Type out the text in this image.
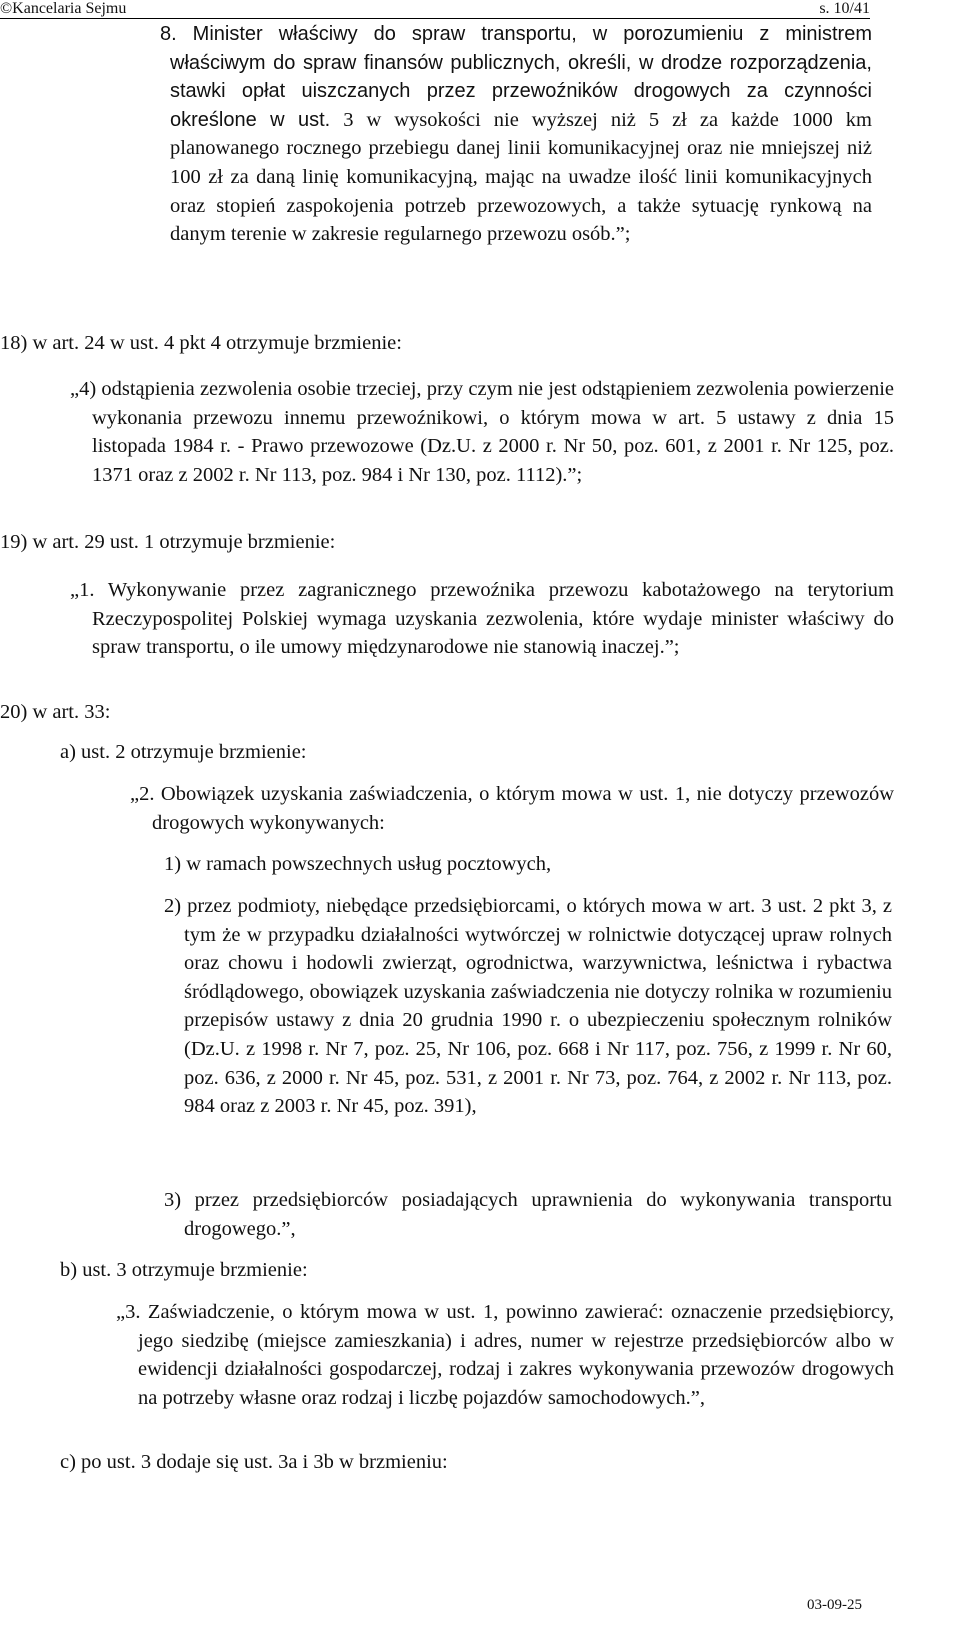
©Kancelaria Sejmu	s. 10/41
8. Minister właściwy do spraw transportu, w porozumieniu z ministrem właściwym do spraw finansów publicznych, określi, w drodze rozporządzenia, stawki opłat uiszczanych przez przewoźników drogowych za czynności określone w ust. 3 w wysokości nie wyższej niż 5 zł za każde 1000 km planowanego rocznego przebiegu danej linii komunikacyjnej oraz nie mniejszej niż 100 zł za daną linię komunikacyjną, mając na uwadze ilość linii komunikacyjnych oraz stopień zaspokojenia potrzeb przewozowych, a także sytuację rynkową na danym terenie w zakresie regularnego przewozu osób.”;
18) w art. 24 w ust. 4 pkt 4 otrzymuje brzmienie:
„4) odstąpienia zezwolenia osobie trzeciej, przy czym nie jest odstąpieniem zezwolenia powierzenie wykonania przewozu innemu przewoźnikowi, o którym mowa w art. 5 ustawy z dnia 15 listopada 1984 r. - Prawo przewozowe (Dz.U. z 2000 r. Nr 50, poz. 601, z 2001 r. Nr 125, poz. 1371 oraz z 2002 r. Nr 113, poz. 984 i Nr 130, poz. 1112).”;
19) w art. 29 ust. 1 otrzymuje brzmienie:
„1. Wykonywanie przez zagranicznego przewoźnika przewozu kabotażowego na terytorium Rzeczypospolitej Polskiej wymaga uzyskania zezwolenia, które wydaje minister właściwy do spraw transportu, o ile umowy międzynarodowe nie stanowią inaczej.”;
20) w art. 33:
a) ust. 2 otrzymuje brzmienie:
„2. Obowiązek uzyskania zaświadczenia, o którym mowa w ust. 1, nie dotyczy przewozów drogowych wykonywanych:
1) w ramach powszechnych usług pocztowych,
2) przez podmioty, niebędące przedsiębiorcami, o których mowa w art. 3 ust. 2 pkt 3, z tym że w przypadku działalności wytwórczej w rolnictwie dotyczącej upraw rolnych oraz chowu i hodowli zwierząt, ogrodnictwa, warzywnictwa, leśnictwa i rybactwa śródlądowego, obowiązek uzyskania zaświadczenia nie dotyczy rolnika w rozumieniu przepisów ustawy z dnia 20 grudnia 1990 r. o ubezpieczeniu społecznym rolników (Dz.U. z 1998 r. Nr 7, poz. 25, Nr 106, poz. 668 i Nr 117, poz. 756, z 1999 r. Nr 60, poz. 636, z 2000 r. Nr 45, poz. 531, z 2001 r. Nr 73, poz. 764, z 2002 r. Nr 113, poz. 984 oraz z 2003 r. Nr 45, poz. 391),
3) przez przedsiębiorców posiadających uprawnienia do wykonywania transportu drogowego.”,
b) ust. 3 otrzymuje brzmienie:
„3. Zaświadczenie, o którym mowa w ust. 1, powinno zawierać: oznaczenie przedsiębiorcy, jego siedzibę (miejsce zamieszkania) i adres, numer w rejestrze przedsiębiorców albo w ewidencji działalności gospodarczej, rodzaj i zakres wykonywania przewozów drogowych na potrzeby własne oraz rodzaj i liczbę pojazdów samochodowych.”,
c) po ust. 3 dodaje się ust. 3a i 3b w brzmieniu:
03-09-25
